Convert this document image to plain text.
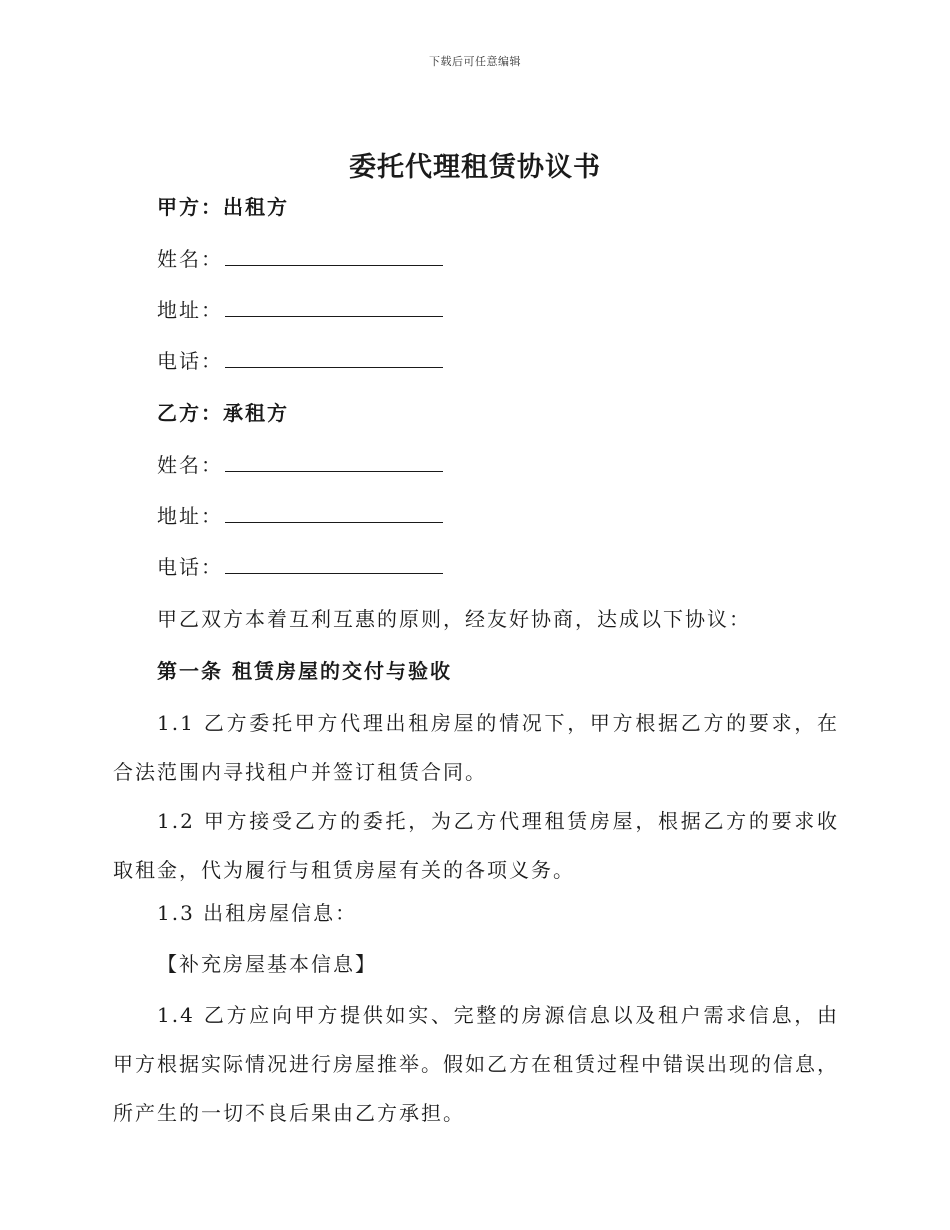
下载后可任意编辑
委托代理租赁协议书
甲方：出租方
姓名：
地址：
电话：
乙方：承租方
姓名：
地址：
电话：
甲乙双方本着互利互惠的原则，经友好协商，达成以下协议：
第一条 租赁房屋的交付与验收
1.1 乙方委托甲方代理出租房屋的情况下，甲方根据乙方的要求，在合法范围内寻找租户并签订租赁合同。
1.2 甲方接受乙方的委托，为乙方代理租赁房屋，根据乙方的要求收取租金，代为履行与租赁房屋有关的各项义务。
1.3 出租房屋信息：
【补充房屋基本信息】
1.4 乙方应向甲方提供如实、完整的房源信息以及租户需求信息，由甲方根据实际情况进行房屋推举。假如乙方在租赁过程中错误出现的信息，所产生的一切不良后果由乙方承担。
